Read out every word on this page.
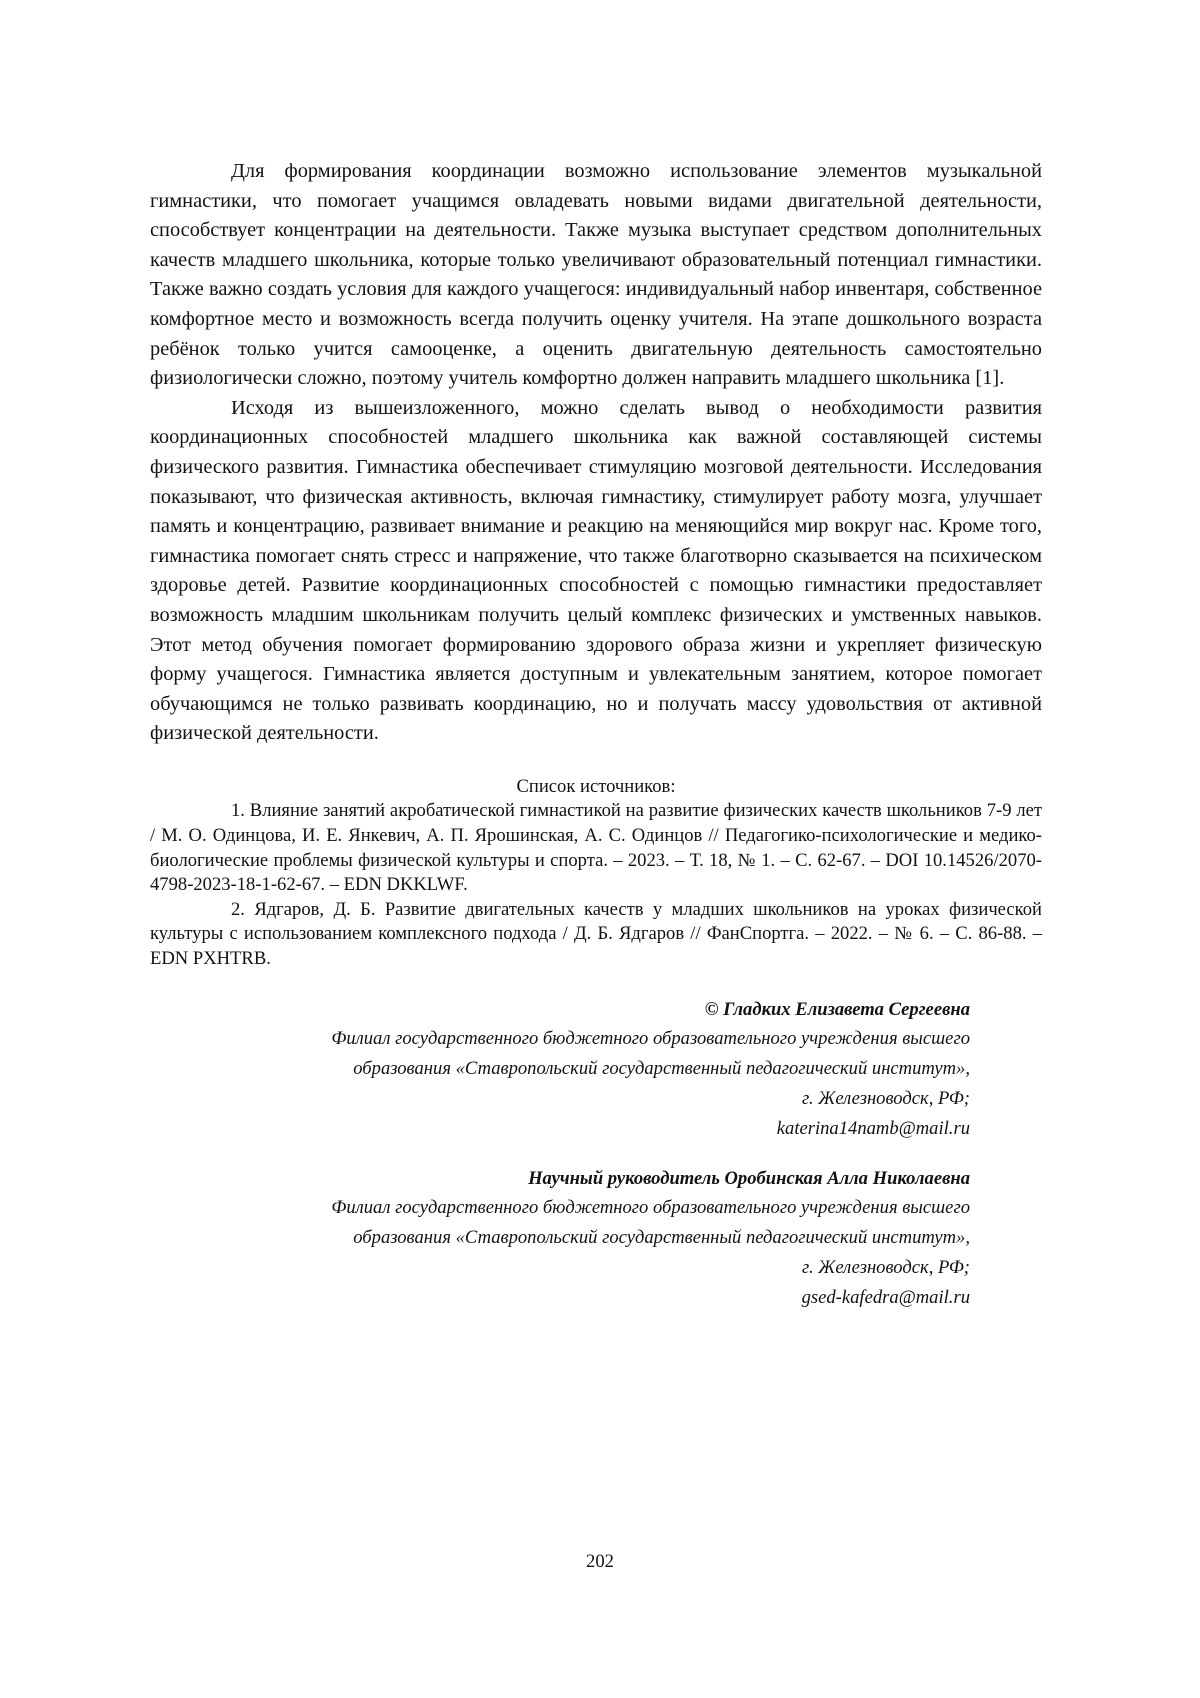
Для формирования координации возможно использование элементов музыкальной гимнастики, что помогает учащимся овладевать новыми видами двигательной деятельности, способствует концентрации на деятельности. Также музыка выступает средством дополнительных качеств младшего школьника, которые только увеличивают образовательный потенциал гимнастики. Также важно создать условия для каждого учащегося: индивидуальный набор инвентаря, собственное комфортное место и возможность всегда получить оценку учителя. На этапе дошкольного возраста ребёнок только учится самооценке, а оценить двигательную деятельность самостоятельно физиологически сложно, поэтому учитель комфортно должен направить младшего школьника [1].

Исходя из вышеизложенного, можно сделать вывод о необходимости развития координационных способностей младшего школьника как важной составляющей системы физического развития. Гимнастика обеспечивает стимуляцию мозговой деятельности. Исследования показывают, что физическая активность, включая гимнастику, стимулирует работу мозга, улучшает память и концентрацию, развивает внимание и реакцию на меняющийся мир вокруг нас. Кроме того, гимнастика помогает снять стресс и напряжение, что также благотворно сказывается на психическом здоровье детей. Развитие координационных способностей с помощью гимнастики предоставляет возможность младшим школьникам получить целый комплекс физических и умственных навыков. Этот метод обучения помогает формированию здорового образа жизни и укрепляет физическую форму учащегося. Гимнастика является доступным и увлекательным занятием, которое помогает обучающимся не только развивать координацию, но и получать массу удовольствия от активной физической деятельности.

Список источников:

1. Влияние занятий акробатической гимнастикой на развитие физических качеств школьников 7-9 лет / М. О. Одинцова, И. Е. Янкевич, А. П. Ярошинская, А. С. Одинцов // Педагогико-психологические и медико-биологические проблемы физической культуры и спорта. – 2023. – Т. 18, № 1. – С. 62-67. – DOI 10.14526/2070-4798-2023-18-1-62-67. – EDN DKKLWF.

2. Ядгаров, Д. Б. Развитие двигательных качеств у младших школьников на уроках физической культуры с использованием комплексного подхода / Д. Б. Ядгаров // ФанСпортга. – 2022. – № 6. – С. 86-88. – EDN PXHTRB.

© Гладких Елизавета Сергеевна
Филиал государственного бюджетного образовательного учреждения высшего
образования «Ставропольский государственный педагогический институт»,
г. Железноводск, РФ;
katerina14namb@mail.ru
Научный руководитель Оробинская Алла Николаевна
Филиал государственного бюджетного образовательного учреждения высшего
образования «Ставропольский государственный педагогический институт»,
г. Железноводск, РФ;
gsed-kafedra@mail.ru
202
